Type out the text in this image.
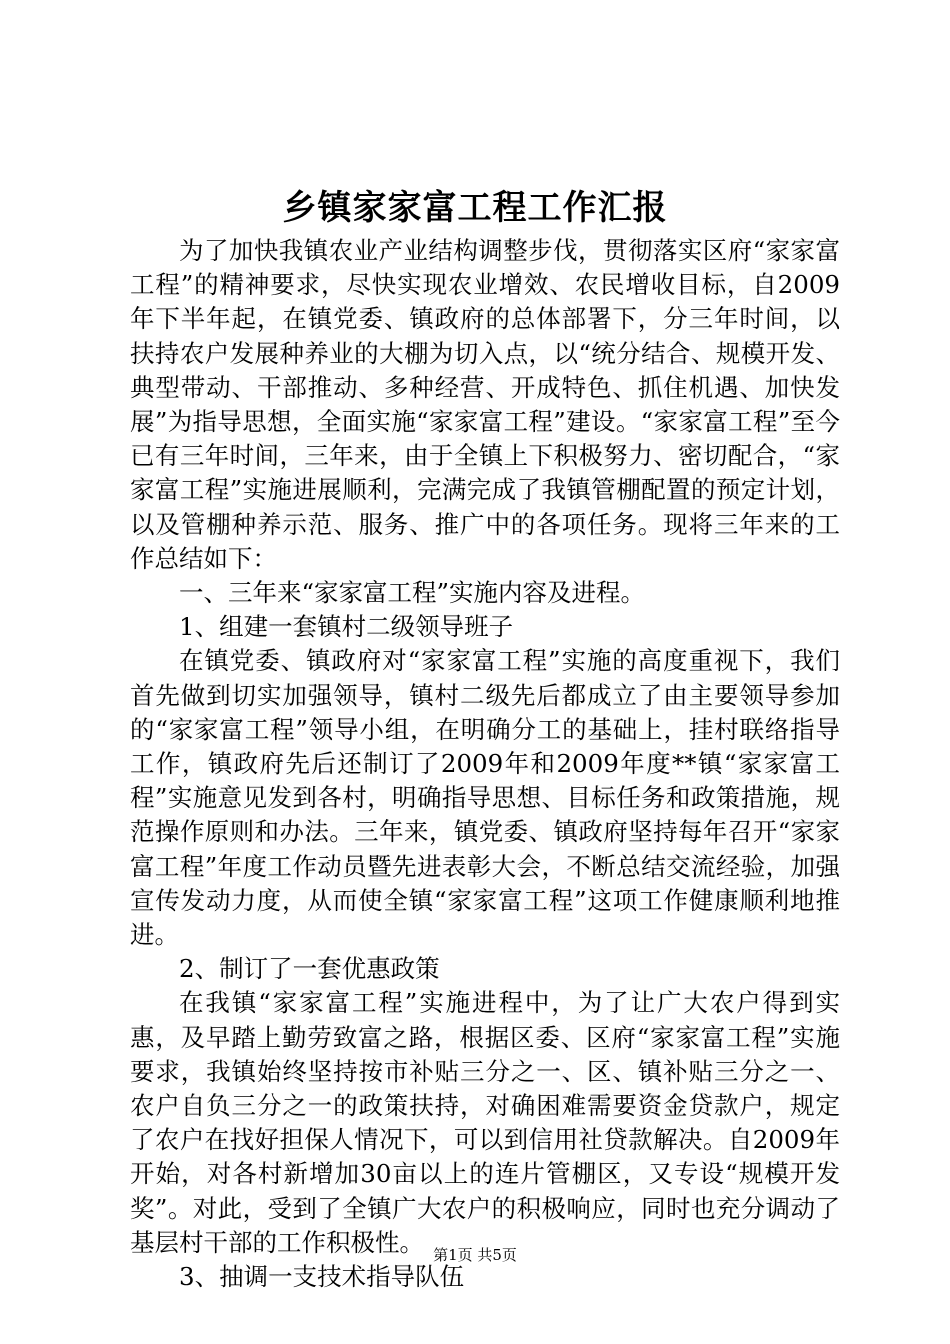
乡镇家家富工程工作汇报

为了加快我镇农业产业结构调整步伐，贯彻落实区府“家家富工程”的精神要求，尽快实现农业增效、农民增收目标，自2009年下半年起，在镇党委、镇政府的总体部署下，分三年时间，以扶持农户发展种养业的大棚为切入点，以“统分结合、规模开发、典型带动、干部推动、多种经营、开成特色、抓住机遇、加快发展”为指导思想，全面实施“家家富工程”建设。“家家富工程”至今已有三年时间，三年来，由于全镇上下积极努力、密切配合，“家家富工程”实施进展顺利，完满完成了我镇管棚配置的预定计划，以及管棚种养示范、服务、推广中的各项任务。现将三年来的工作总结如下：

一、三年来“家家富工程”实施内容及进程。

1、组建一套镇村二级领导班子

在镇党委、镇政府对“家家富工程”实施的高度重视下，我们首先做到切实加强领导，镇村二级先后都成立了由主要领导参加的“家家富工程”领导小组，在明确分工的基础上，挂村联络指导工作，镇政府先后还制订了2009年和2009年度**镇“家家富工程”实施意见发到各村，明确指导思想、目标任务和政策措施，规范操作原则和办法。三年来，镇党委、镇政府坚持每年召开“家家富工程”年度工作动员暨先进表彰大会，不断总结交流经验，加强宣传发动力度，从而使全镇“家家富工程”这项工作健康顺利地推进。

2、制订了一套优惠政策

在我镇“家家富工程”实施进程中，为了让广大农户得到实惠，及早踏上勤劳致富之路，根据区委、区府“家家富工程”实施要求，我镇始终坚持按市补贴三分之一、区、镇补贴三分之一、农户自负三分之一的政策扶持，对确困难需要资金贷款户，规定了农户在找好担保人情况下，可以到信用社贷款解决。自2009年开始，对各村新增加30亩以上的连片管棚区，又专设“规模开发奖”。对此，受到了全镇广大农户的积极响应，同时也充分调动了基层村干部的工作积极性。

3、抽调一支技术指导队伍

第1页 共5页
